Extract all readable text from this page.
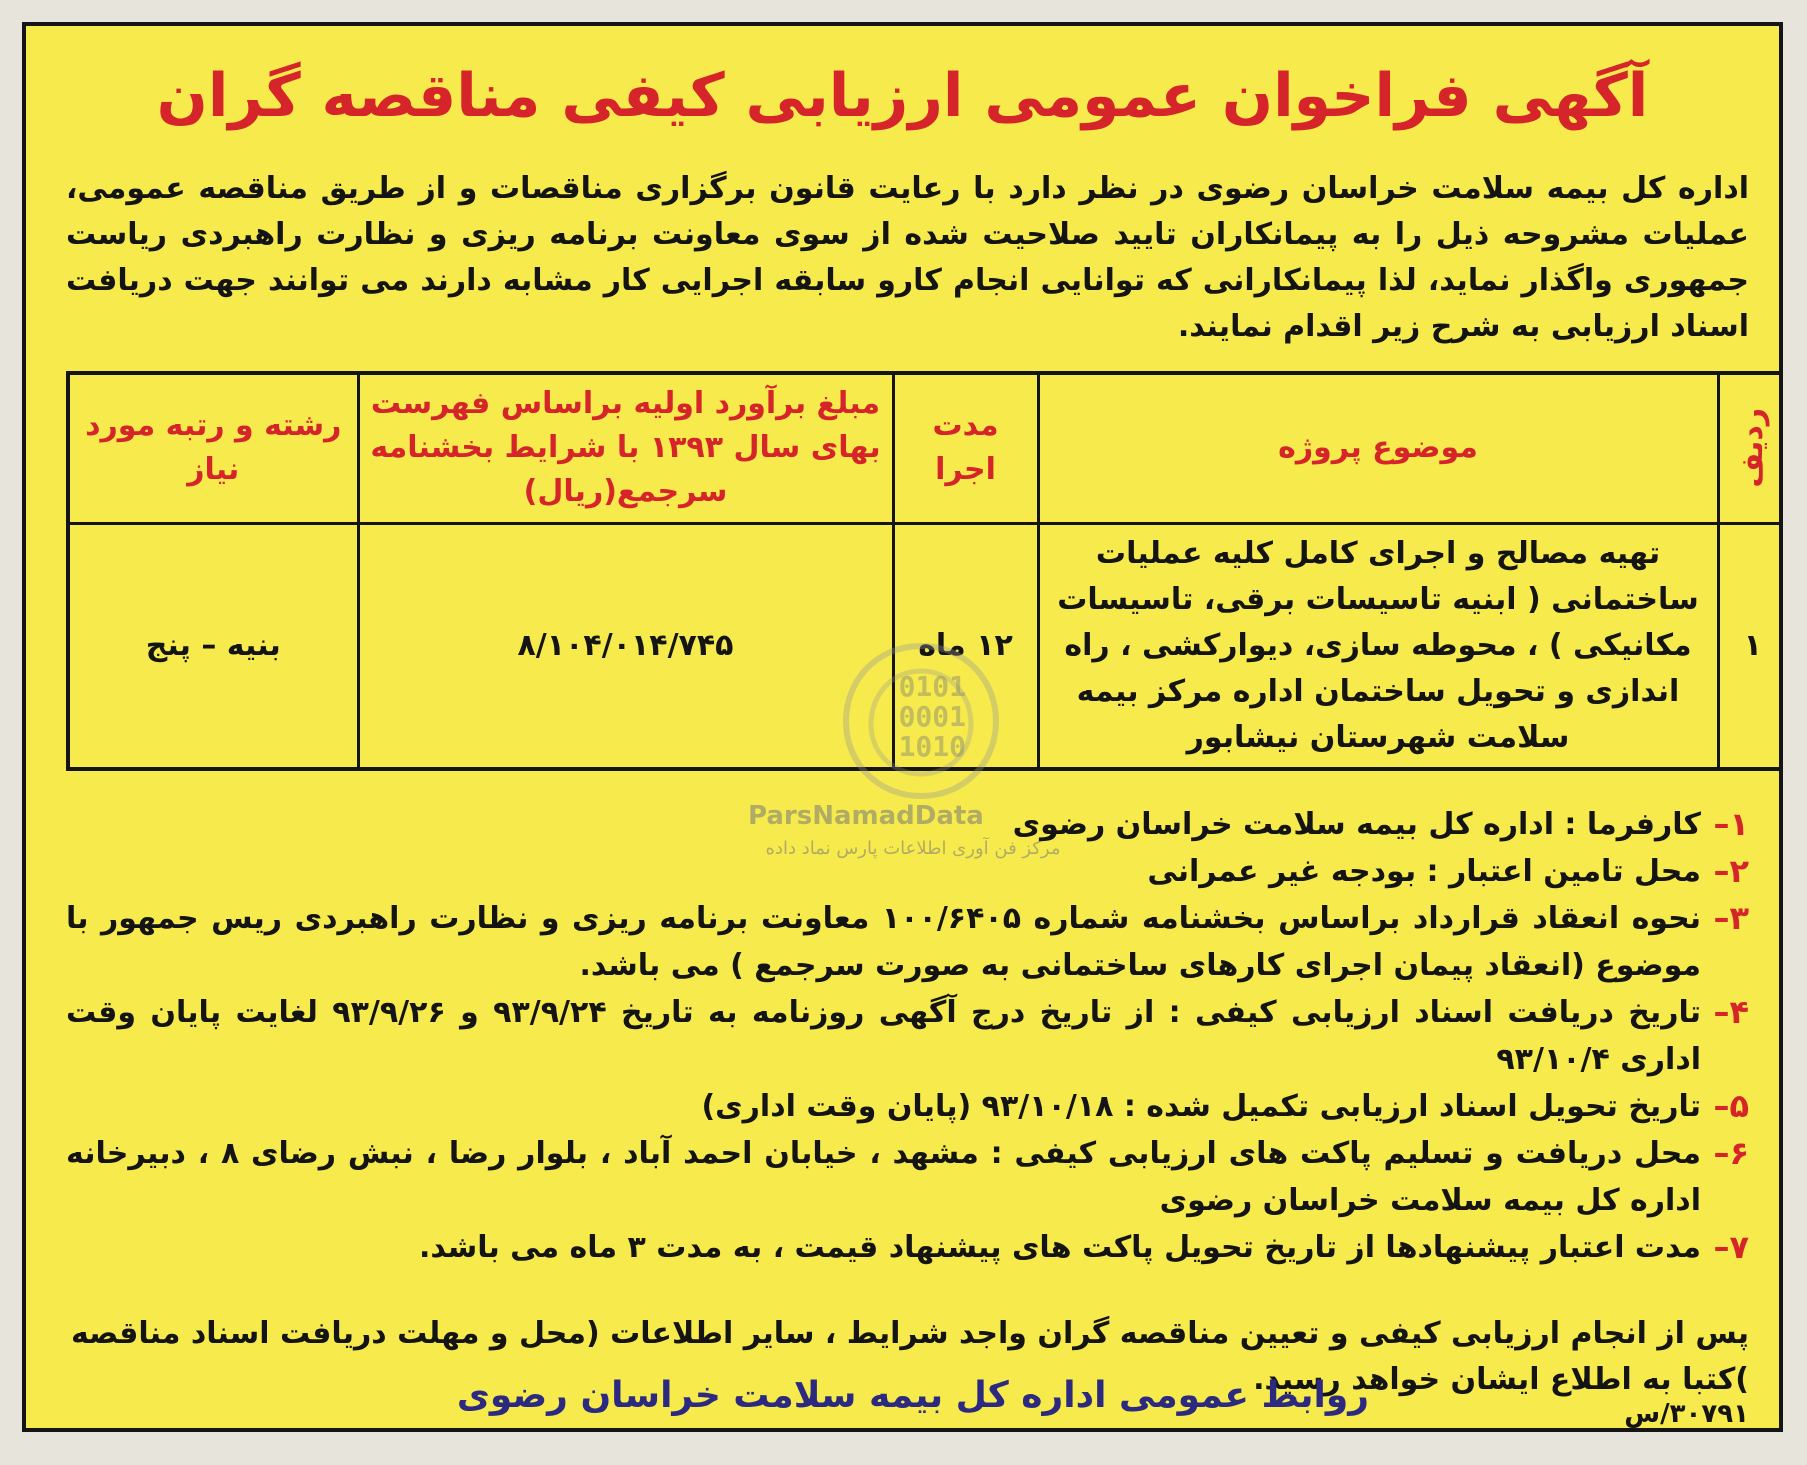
آگهی فراخوان عمومی ارزیابی کیفی مناقصه گران

اداره کل بیمه سلامت خراسان رضوی در نظر دارد با رعایت قانون برگزاری مناقصات و از طریق مناقصه عمومی، عملیات مشروحه ذیل را به پیمانکاران تایید صلاحیت شده از سوی معاونت برنامه ریزی و نظارت راهبردی ریاست جمهوری واگذار نماید، لذا پیمانکارانی که توانایی انجام کارو سابقه اجرایی کار مشابه دارند می توانند جهت دریافت اسناد ارزیابی به شرح زیر اقدام نمایند.

ردیف	موضوع پروژه	مدت اجرا	مبلغ برآورد اولیه براساس فهرست بهای سال ۱۳۹۳ با شرایط بخشنامه سرجمع(ریال)	رشته و رتبه مورد نیاز
۱	تهیه مصالح و اجرای کامل کلیه عملیات ساختمانی ( ابنیه تاسیسات برقی، تاسیسات مکانیکی ) ، محوطه سازی، دیوارکشی ، راه اندازی و تحویل ساختمان اداره مرکز بیمه سلامت شهرستان نیشابور	۱۲ ماه	۸/۱۰۴/۰۱۴/۷۴۵	بنیه – پنج
0101
0001
1010
ParsNamadData
مرکز فن آوری اطلاعات پارس نماد داده
۱–
کارفرما : اداره کل بیمه سلامت خراسان رضوی
۲–
محل تامین اعتبار : بودجه غیر عمرانی
۳–
نحوه انعقاد قرارداد براساس بخشنامه شماره ۱۰۰/۶۴۰۵ معاونت برنامه ریزی و نظارت راهبردی ریس جمهور با موضوع (انعقاد پیمان اجرای کارهای ساختمانی به صورت سرجمع ) می باشد.
۴–
تاریخ دریافت اسناد ارزیابی کیفی : از تاریخ درج آگهی روزنامه به تاریخ ۹۳/۹/۲۴ و ۹۳/۹/۲۶ لغایت پایان وقت اداری ۹۳/۱۰/۴
۵–
تاریخ تحویل اسناد ارزیابی تکمیل شده : ۹۳/۱۰/۱۸ (پایان وقت اداری)
۶–
محل دریافت و تسلیم پاکت های ارزیابی کیفی : مشهد ، خیابان احمد آباد ، بلوار رضا ، نبش رضای ۸ ، دبیرخانه اداره کل بیمه سلامت خراسان رضوی
۷–
مدت اعتبار پیشنهادها از تاریخ تحویل پاکت های پیشنهاد قیمت ، به مدت ۳ ماه می باشد.
پس از انجام ارزیابی کیفی و تعیین مناقصه گران واجد شرایط ، سایر اطلاعات (محل و مهلت دریافت اسناد مناقصه )کتبا به اطلاع ایشان خواهد رسید.
روابط عمومی اداره کل بیمه سلامت خراسان رضوی	۳۰۷۹۱/س
